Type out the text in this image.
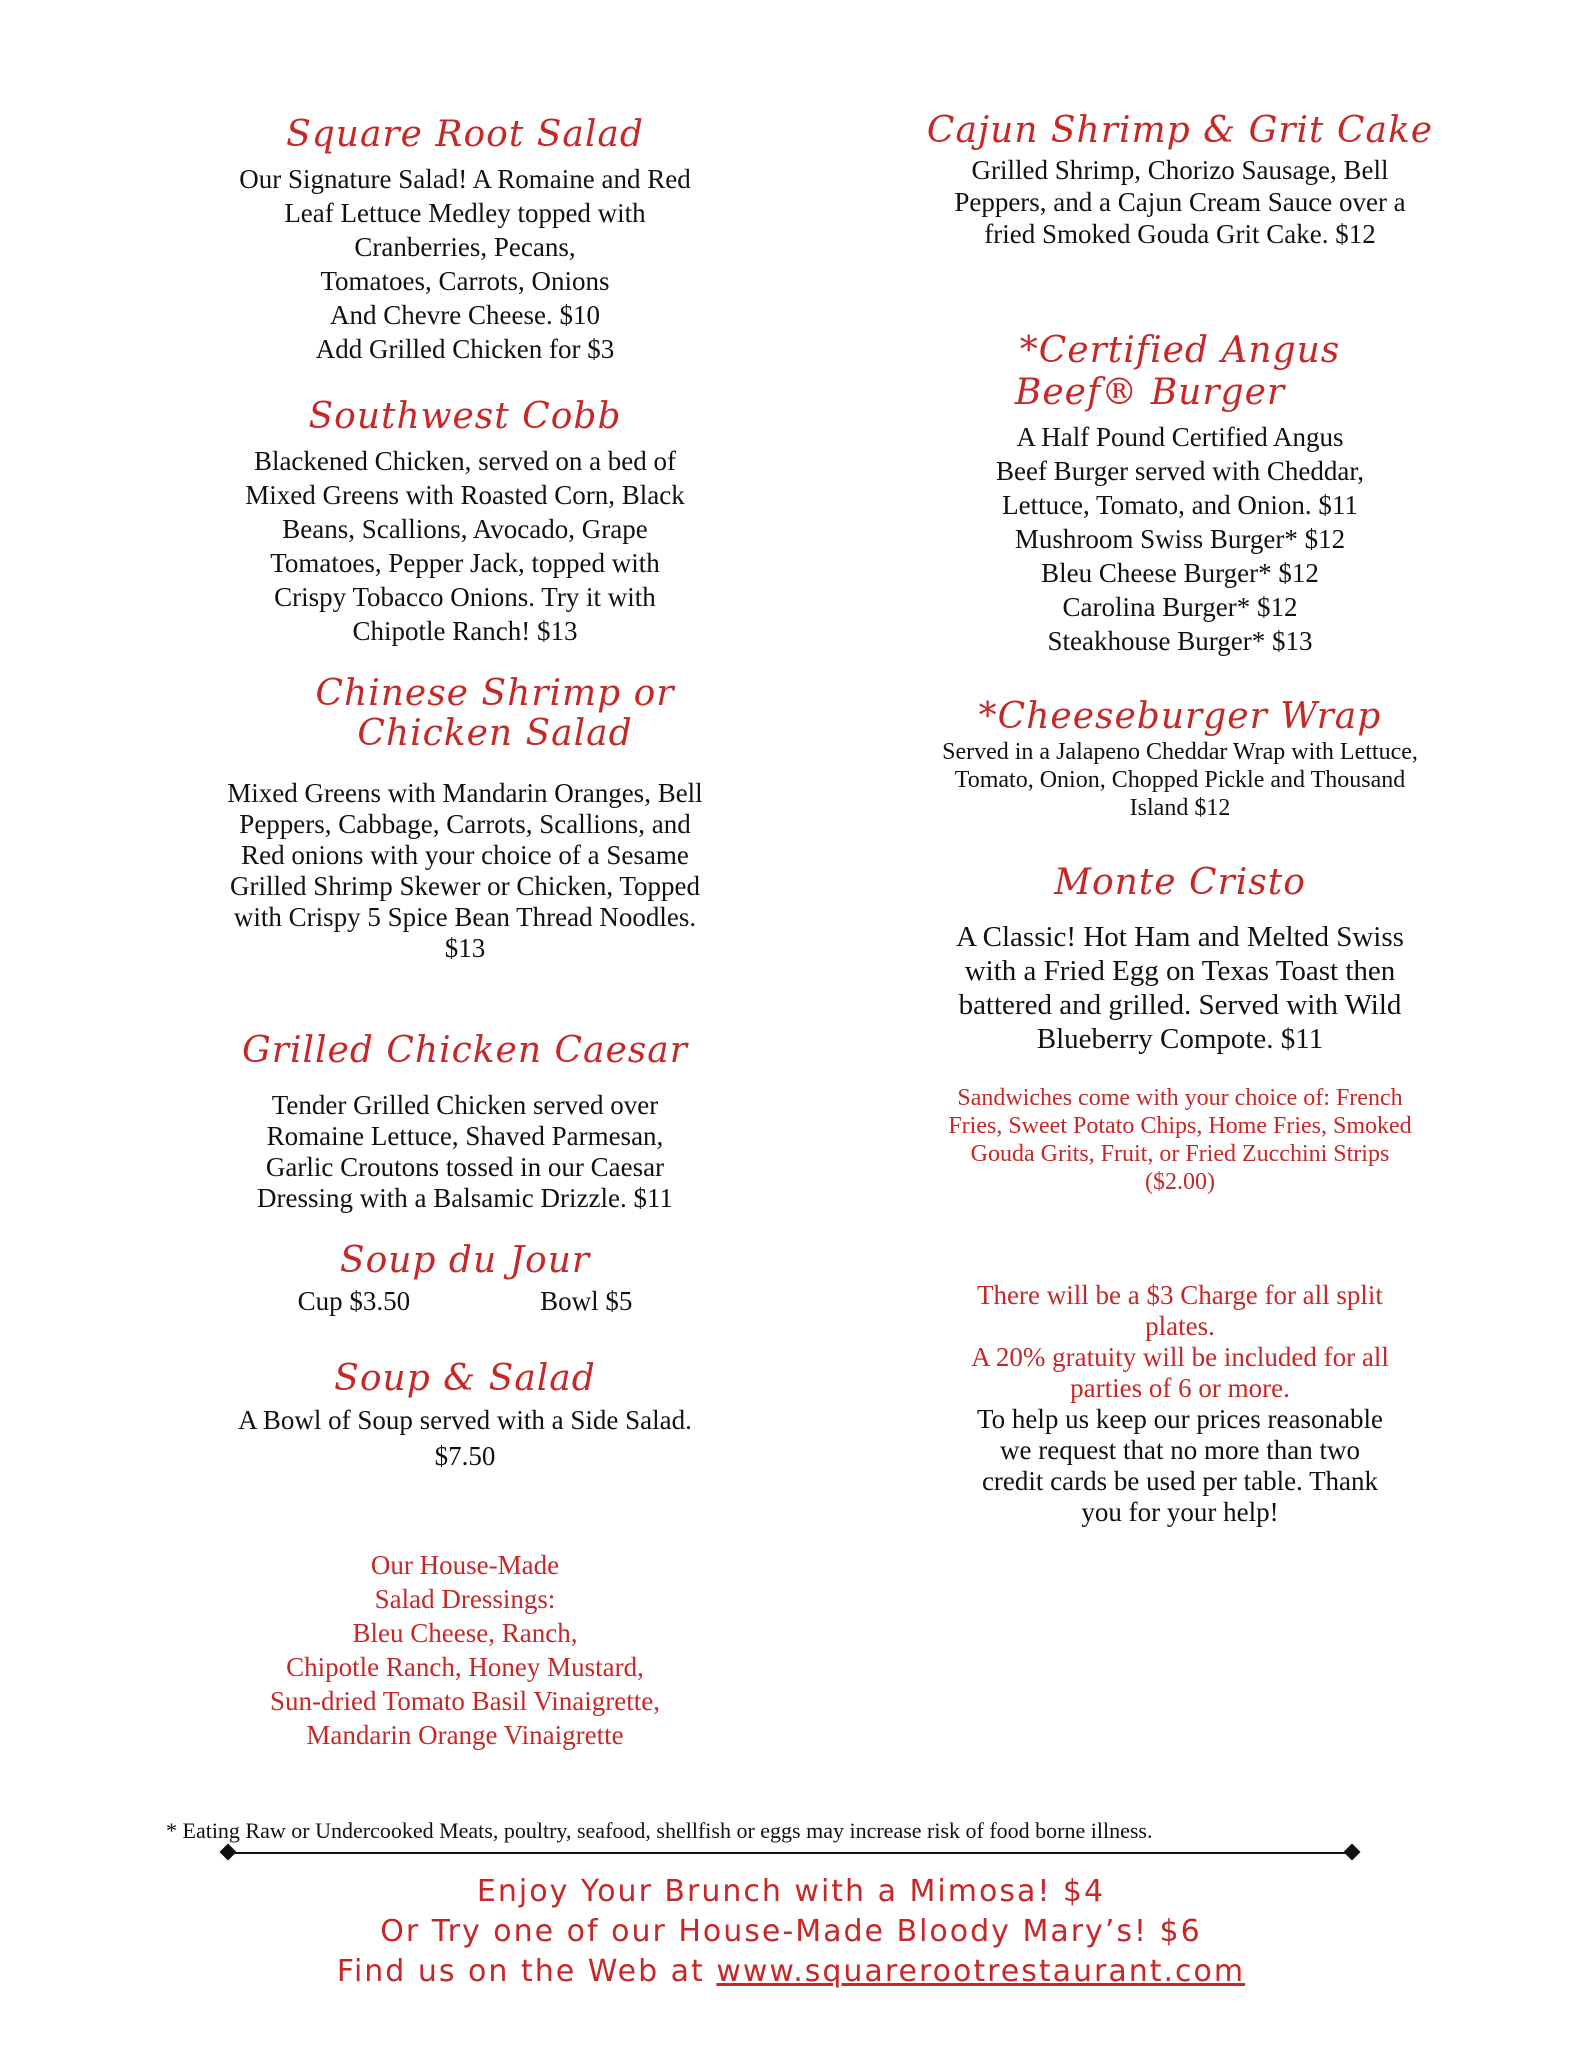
Square Root Salad
Our Signature Salad! A Romaine and Red
Leaf Lettuce Medley topped with
Cranberries, Pecans,
Tomatoes, Carrots, Onions
And Chevre Cheese. $10
Add Grilled Chicken for $3
Southwest Cobb
Blackened Chicken, served on a bed of
Mixed Greens with Roasted Corn, Black
Beans, Scallions, Avocado, Grape
Tomatoes, Pepper Jack, topped with
Crispy Tobacco Onions. Try it with
Chipotle Ranch! $13
Chinese Shrimp or
Chicken Salad
Mixed Greens with Mandarin Oranges, Bell
Peppers, Cabbage, Carrots, Scallions, and
Red onions with your choice of a Sesame
Grilled Shrimp Skewer or Chicken, Topped
with Crispy 5 Spice Bean Thread Noodles.
$13
Grilled Chicken Caesar
Tender Grilled Chicken served over
Romaine Lettuce, Shaved Parmesan,
Garlic Croutons tossed in our Caesar
Dressing with a Balsamic Drizzle. $11
Soup du Jour
Cup $3.50	Bowl $5
Soup & Salad
A Bowl of Soup served with a Side Salad.
$7.50
Our House-Made
Salad Dressings:
Bleu Cheese, Ranch,
Chipotle Ranch, Honey Mustard,
Sun-dried Tomato Basil Vinaigrette,
Mandarin Orange Vinaigrette
Cajun Shrimp & Grit Cake
Grilled Shrimp, Chorizo Sausage, Bell
Peppers, and a Cajun Cream Sauce over a
fried Smoked Gouda Grit Cake. $12
*Certified Angus
Beef® Burger
A Half Pound Certified Angus
Beef Burger served with Cheddar,
Lettuce, Tomato, and Onion. $11
Mushroom Swiss Burger* $12
Bleu Cheese Burger* $12
Carolina Burger* $12
Steakhouse Burger* $13
*Cheeseburger Wrap
Served in a Jalapeno Cheddar Wrap with Lettuce,
Tomato, Onion, Chopped Pickle and Thousand
Island $12
Monte Cristo
A Classic! Hot Ham and Melted Swiss
with a Fried Egg on Texas Toast then
battered and grilled. Served with Wild
Blueberry Compote. $11
Sandwiches come with your choice of: French
Fries, Sweet Potato Chips, Home Fries, Smoked
Gouda Grits, Fruit, or Fried Zucchini Strips
($2.00)
There will be a $3 Charge for all split
plates.
A 20% gratuity will be included for all
parties of 6 or more.
To help us keep our prices reasonable
we request that no more than two
credit cards be used per table. Thank
you for your help!
* Eating Raw or Undercooked Meats, poultry, seafood, shellfish or eggs may increase risk of food borne illness.
Enjoy Your Brunch with a Mimosa! $4
Or Try one of our House-Made Bloody Mary’s! $6
Find us on the Web at www.squarerootrestaurant.com
